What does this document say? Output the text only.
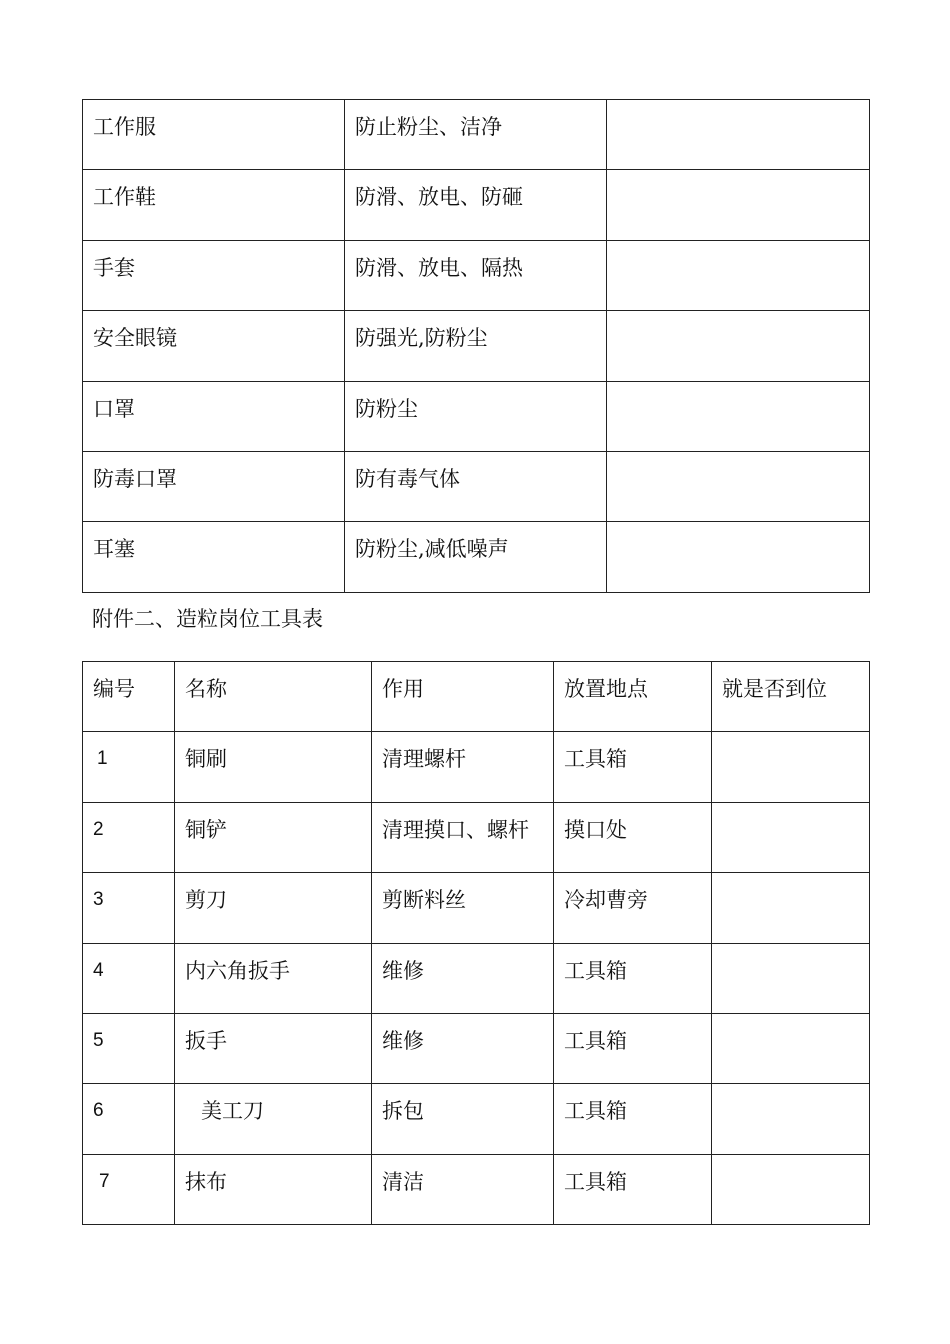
工作服	防止粉尘、洁净	
工作鞋	防滑、放电、防砸	
手套	防滑、放电、隔热	
安全眼镜	防强光,防粉尘	
口罩	防粉尘	
防毒口罩	防有毒气体	
耳塞	防粉尘,减低噪声	
附件二、造粒岗位工具表
编号	名称	作用	放置地点	就是否到位
1	铜刷	清理螺杆	工具箱	
2	铜铲	清理摸口、螺杆	摸口处	
3	剪刀	剪断料丝	冷却曹旁	
4	内六角扳手	维修	工具箱	
5	扳手	维修	工具箱	
6	美工刀	拆包	工具箱	
7	抹布	清洁	工具箱	
